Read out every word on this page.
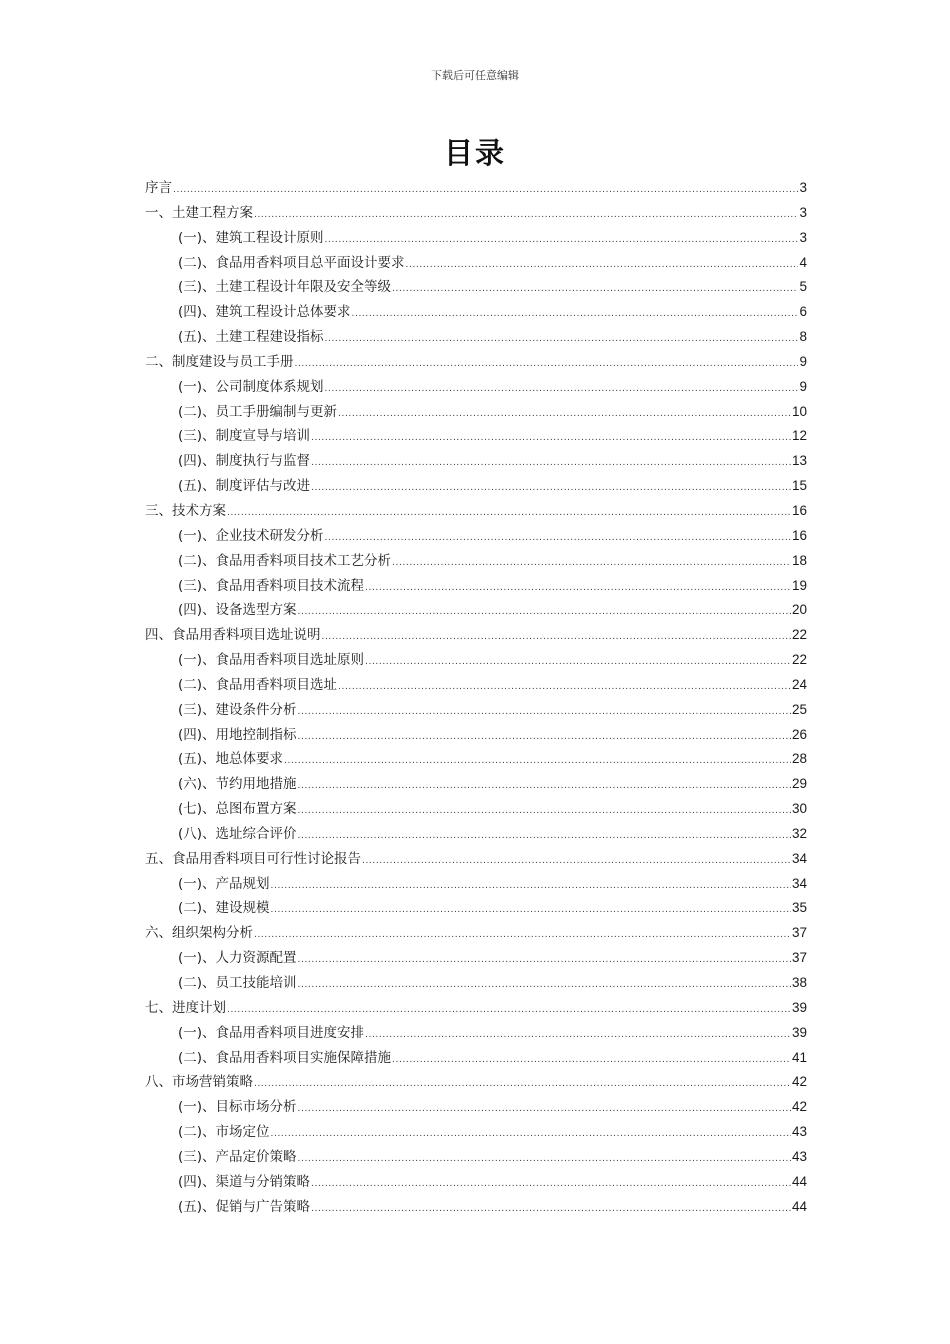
下载后可任意编辑
目录
序言 .....	3
一、土建工程方案 .....	3
(一)、建筑工程设计原则 .....	3
(二)、食品用香料项目总平面设计要求 .....	4
(三)、土建工程设计年限及安全等级 .....	5
(四)、建筑工程设计总体要求 .....	6
(五)、土建工程建设指标 .....	8
二、制度建设与员工手册 .....	9
(一)、公司制度体系规划 .....	9
(二)、员工手册编制与更新 .....	10
(三)、制度宣导与培训 .....	12
(四)、制度执行与监督 .....	13
(五)、制度评估与改进 .....	15
三、技术方案 .....	16
(一)、企业技术研发分析 .....	16
(二)、食品用香料项目技术工艺分析 .....	18
(三)、食品用香料项目技术流程 .....	19
(四)、设备选型方案 .....	20
四、食品用香料项目选址说明 .....	22
(一)、食品用香料项目选址原则 .....	22
(二)、食品用香料项目选址 .....	24
(三)、建设条件分析 .....	25
(四)、用地控制指标 .....	26
(五)、地总体要求 .....	28
(六)、节约用地措施 .....	29
(七)、总图布置方案 .....	30
(八)、选址综合评价 .....	32
五、食品用香料项目可行性讨论报告 .....	34
(一)、产品规划 .....	34
(二)、建设规模 .....	35
六、组织架构分析 .....	37
(一)、人力资源配置 .....	37
(二)、员工技能培训 .....	38
七、进度计划 .....	39
(一)、食品用香料项目进度安排 .....	39
(二)、食品用香料项目实施保障措施 .....	41
八、市场营销策略 .....	42
(一)、目标市场分析 .....	42
(二)、市场定位 .....	43
(三)、产品定价策略 .....	43
(四)、渠道与分销策略 .....	44
(五)、促销与广告策略 .....	44
